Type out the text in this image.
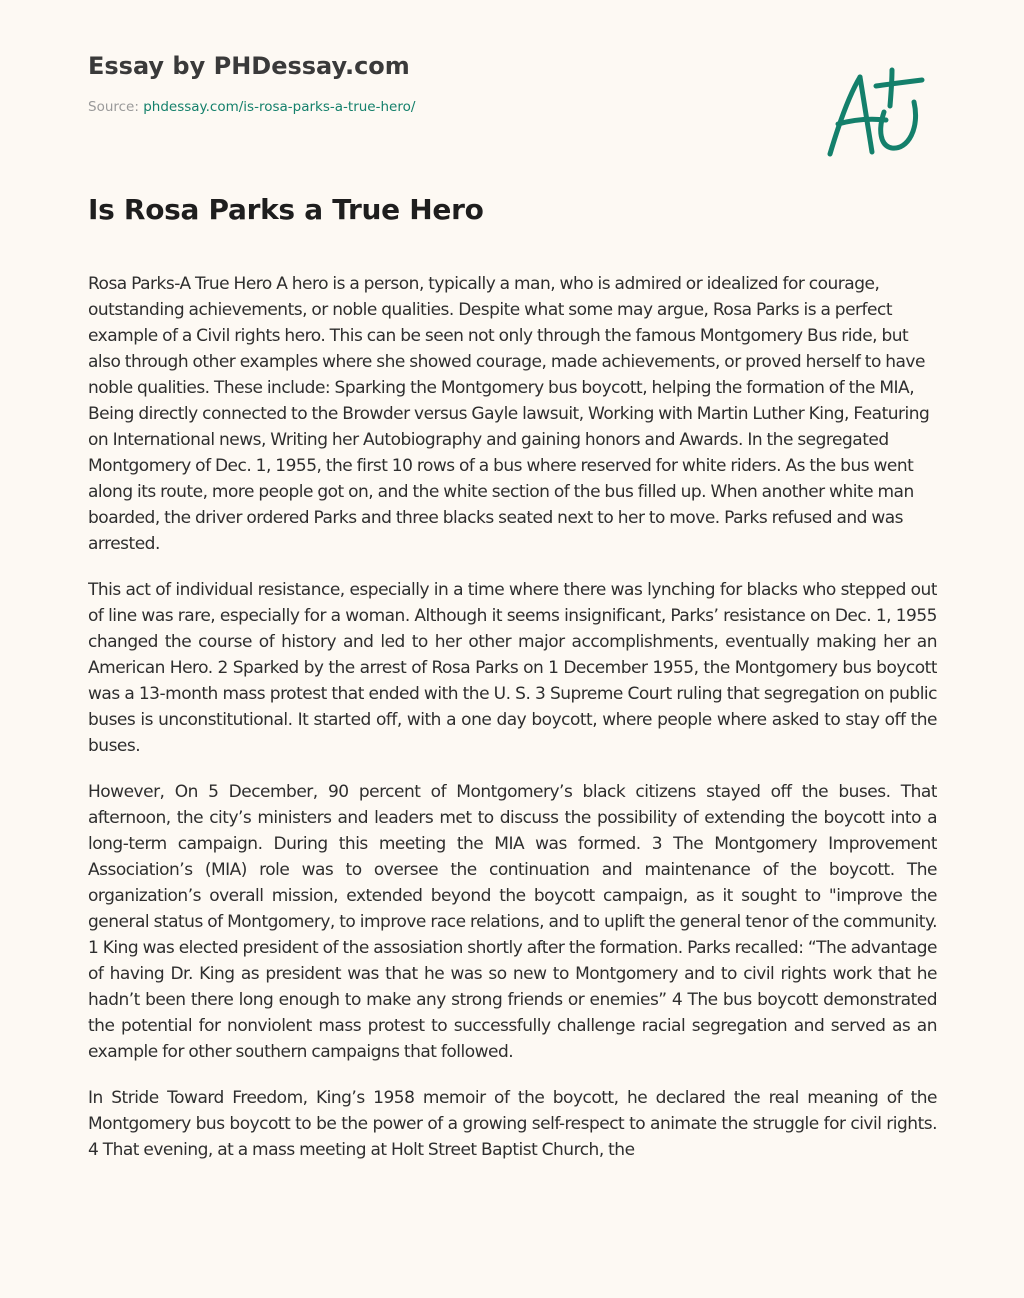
Essay by PHDessay.com
Source: phdessay.com/is-rosa-parks-a-true-hero/
Is Rosa Parks a True Hero

Rosa Parks-A True Hero A hero is a person, typically a man, who is admired or idealized for courage, outstanding achievements, or noble qualities. Despite what some may argue, Rosa Parks is a perfect example of a Civil rights hero. This can be seen not only through the famous Montgomery Bus ride, but also through other examples where she showed courage, made achievements, or proved herself to have noble qualities. These include: Sparking the Montgomery bus boycott, helping the formation of the MIA, Being directly connected to the Browder versus Gayle lawsuit, Working with Martin Luther King, Featuring on International news, Writing her Autobiography and gaining honors and Awards. In the segregated Montgomery of Dec. 1, 1955, the first 10 rows of a bus where reserved for white riders. As the bus went along its route, more people got on, and the white section of the bus filled up. When another white man boarded, the driver ordered Parks and three blacks seated next to her to move. Parks refused and was arrested.

This act of individual resistance, especially in a time where there was lynching for blacks who stepped out of line was rare, especially for a woman. Although it seems insignificant, Parks’ resistance on Dec. 1, 1955 changed the course of history and led to her other major accomplishments, eventually making her an American Hero. 2 Sparked by the arrest of Rosa Parks on 1 December 1955, the Montgomery bus boycott was a 13-month mass protest that ended with the U. S. 3 Supreme Court ruling that segregation on public buses is unconstitutional. It started off, with a one day boycott, where people where asked to stay off the buses.

However, On 5 December, 90 percent of Montgomery’s black citizens stayed off the buses. That afternoon, the city’s ministers and leaders met to discuss the possibility of extending the boycott into a long-term campaign. During this meeting the MIA was formed. 3 The Montgomery Improvement Association’s (MIA) role was to oversee the continuation and maintenance of the boycott. The organization’s overall mission, extended beyond the boycott campaign, as it sought to "improve the general status of Montgomery, to improve race relations, and to uplift the general tenor of the community. 1 King was elected president of the assosiation shortly after the formation. Parks recalled: “The advantage of having Dr. King as president was that he was so new to Montgomery and to civil rights work that he hadn’t been there long enough to make any strong friends or enemies” 4 The bus boycott demonstrated the potential for nonviolent mass protest to successfully challenge racial segregation and served as an example for other southern campaigns that followed.

In Stride Toward Freedom, King’s 1958 memoir of the boycott, he declared the real meaning of the Montgomery bus boycott to be the power of a growing self-respect to animate the struggle for civil rights. 4 That evening, at a mass meeting at Holt Street Baptist Church, the
